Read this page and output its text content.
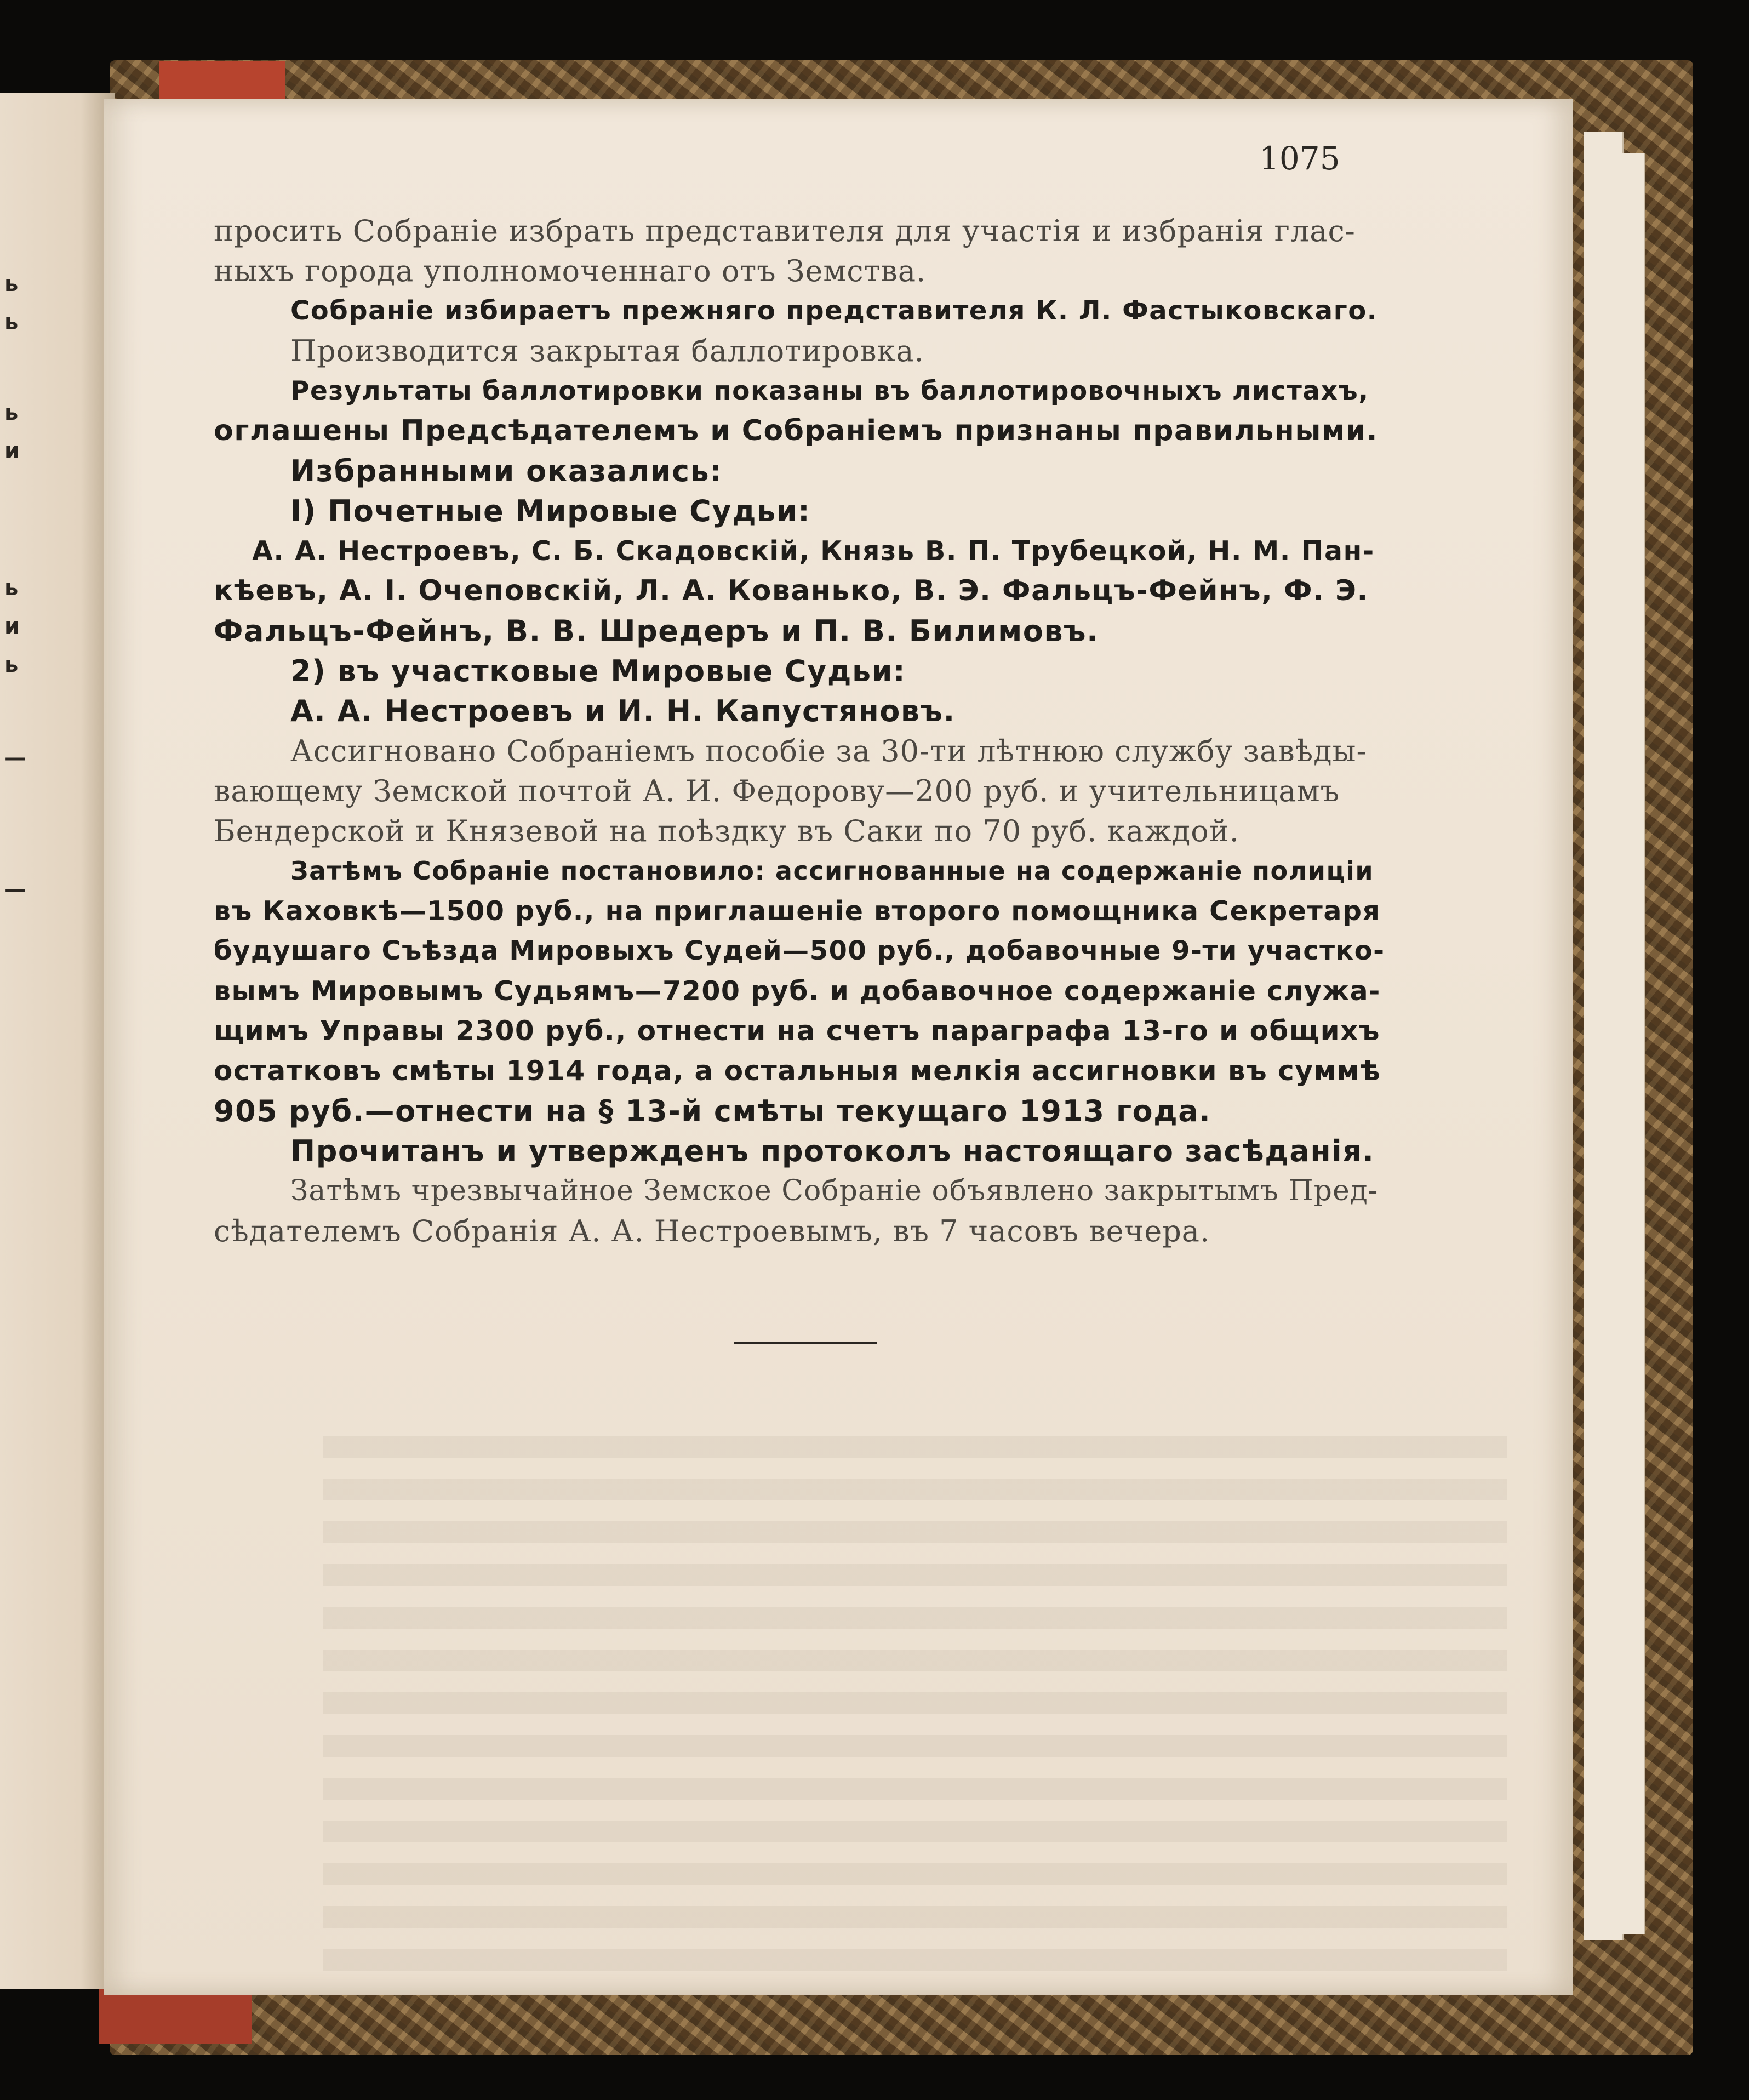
ь
ь
ь
и
ь
и
ь
—
—
1075
просить Собраніе избрать представителя для участія и избранія глас-
ныхъ города уполномоченнаго отъ Земства.
Собраніе избираетъ прежняго представителя К. Л. Фастыковскаго.
Производится закрытая баллотировка.
Результаты баллотировки показаны въ баллотировочныхъ листахъ,
оглашены Предсѣдателемъ и Собраніемъ признаны правильными.
Избранными оказались:
І) Почетные Мировые Судьи:
А. А. Нестроевъ, С. Б. Скадовскій, Князь В. П. Трубецкой, Н. М. Пан-
кѣевъ, А. І. Очеповскій, Л. А. Кованько, В. Э. Фальцъ-Фейнъ, Ф. Э.
Фальцъ-Фейнъ, В. В. Шредеръ и П. В. Билимовъ.
2) въ участковые Мировые Судьи:
А. А. Нестроевъ и И. Н. Капустяновъ.
Ассигновано Собраніемъ пособіе за 30-ти лѣтнюю службу завѣды-
вающему Земской почтой А. И. Федорову—200 руб. и учительницамъ
Бендерской и Князевой на поѣздку въ Саки по 70 руб. каждой.
Затѣмъ Собраніе постановило: ассигнованные на содержаніе полиціи
въ Каховкѣ—1500 руб., на приглашеніе второго помощника Секретаря
будушаго Съѣзда Мировыхъ Судей—500 руб., добавочные 9-ти участко-
вымъ Мировымъ Судьямъ—7200 руб. и добавочное содержаніе служа-
щимъ Управы 2300 руб., отнести на счетъ параграфа 13-го и общихъ
остатковъ смѣты 1914 года, а остальныя мелкія ассигновки въ суммѣ
905 руб.—отнести на § 13-й смѣты текущаго 1913 года.
Прочитанъ и утвержденъ протоколъ настоящаго засѣданія.
Затѣмъ чрезвычайное Земское Собраніе объявлено закрытымъ Пред-
сѣдателемъ Собранія А. А. Нестроевымъ, въ 7 часовъ вечера.
